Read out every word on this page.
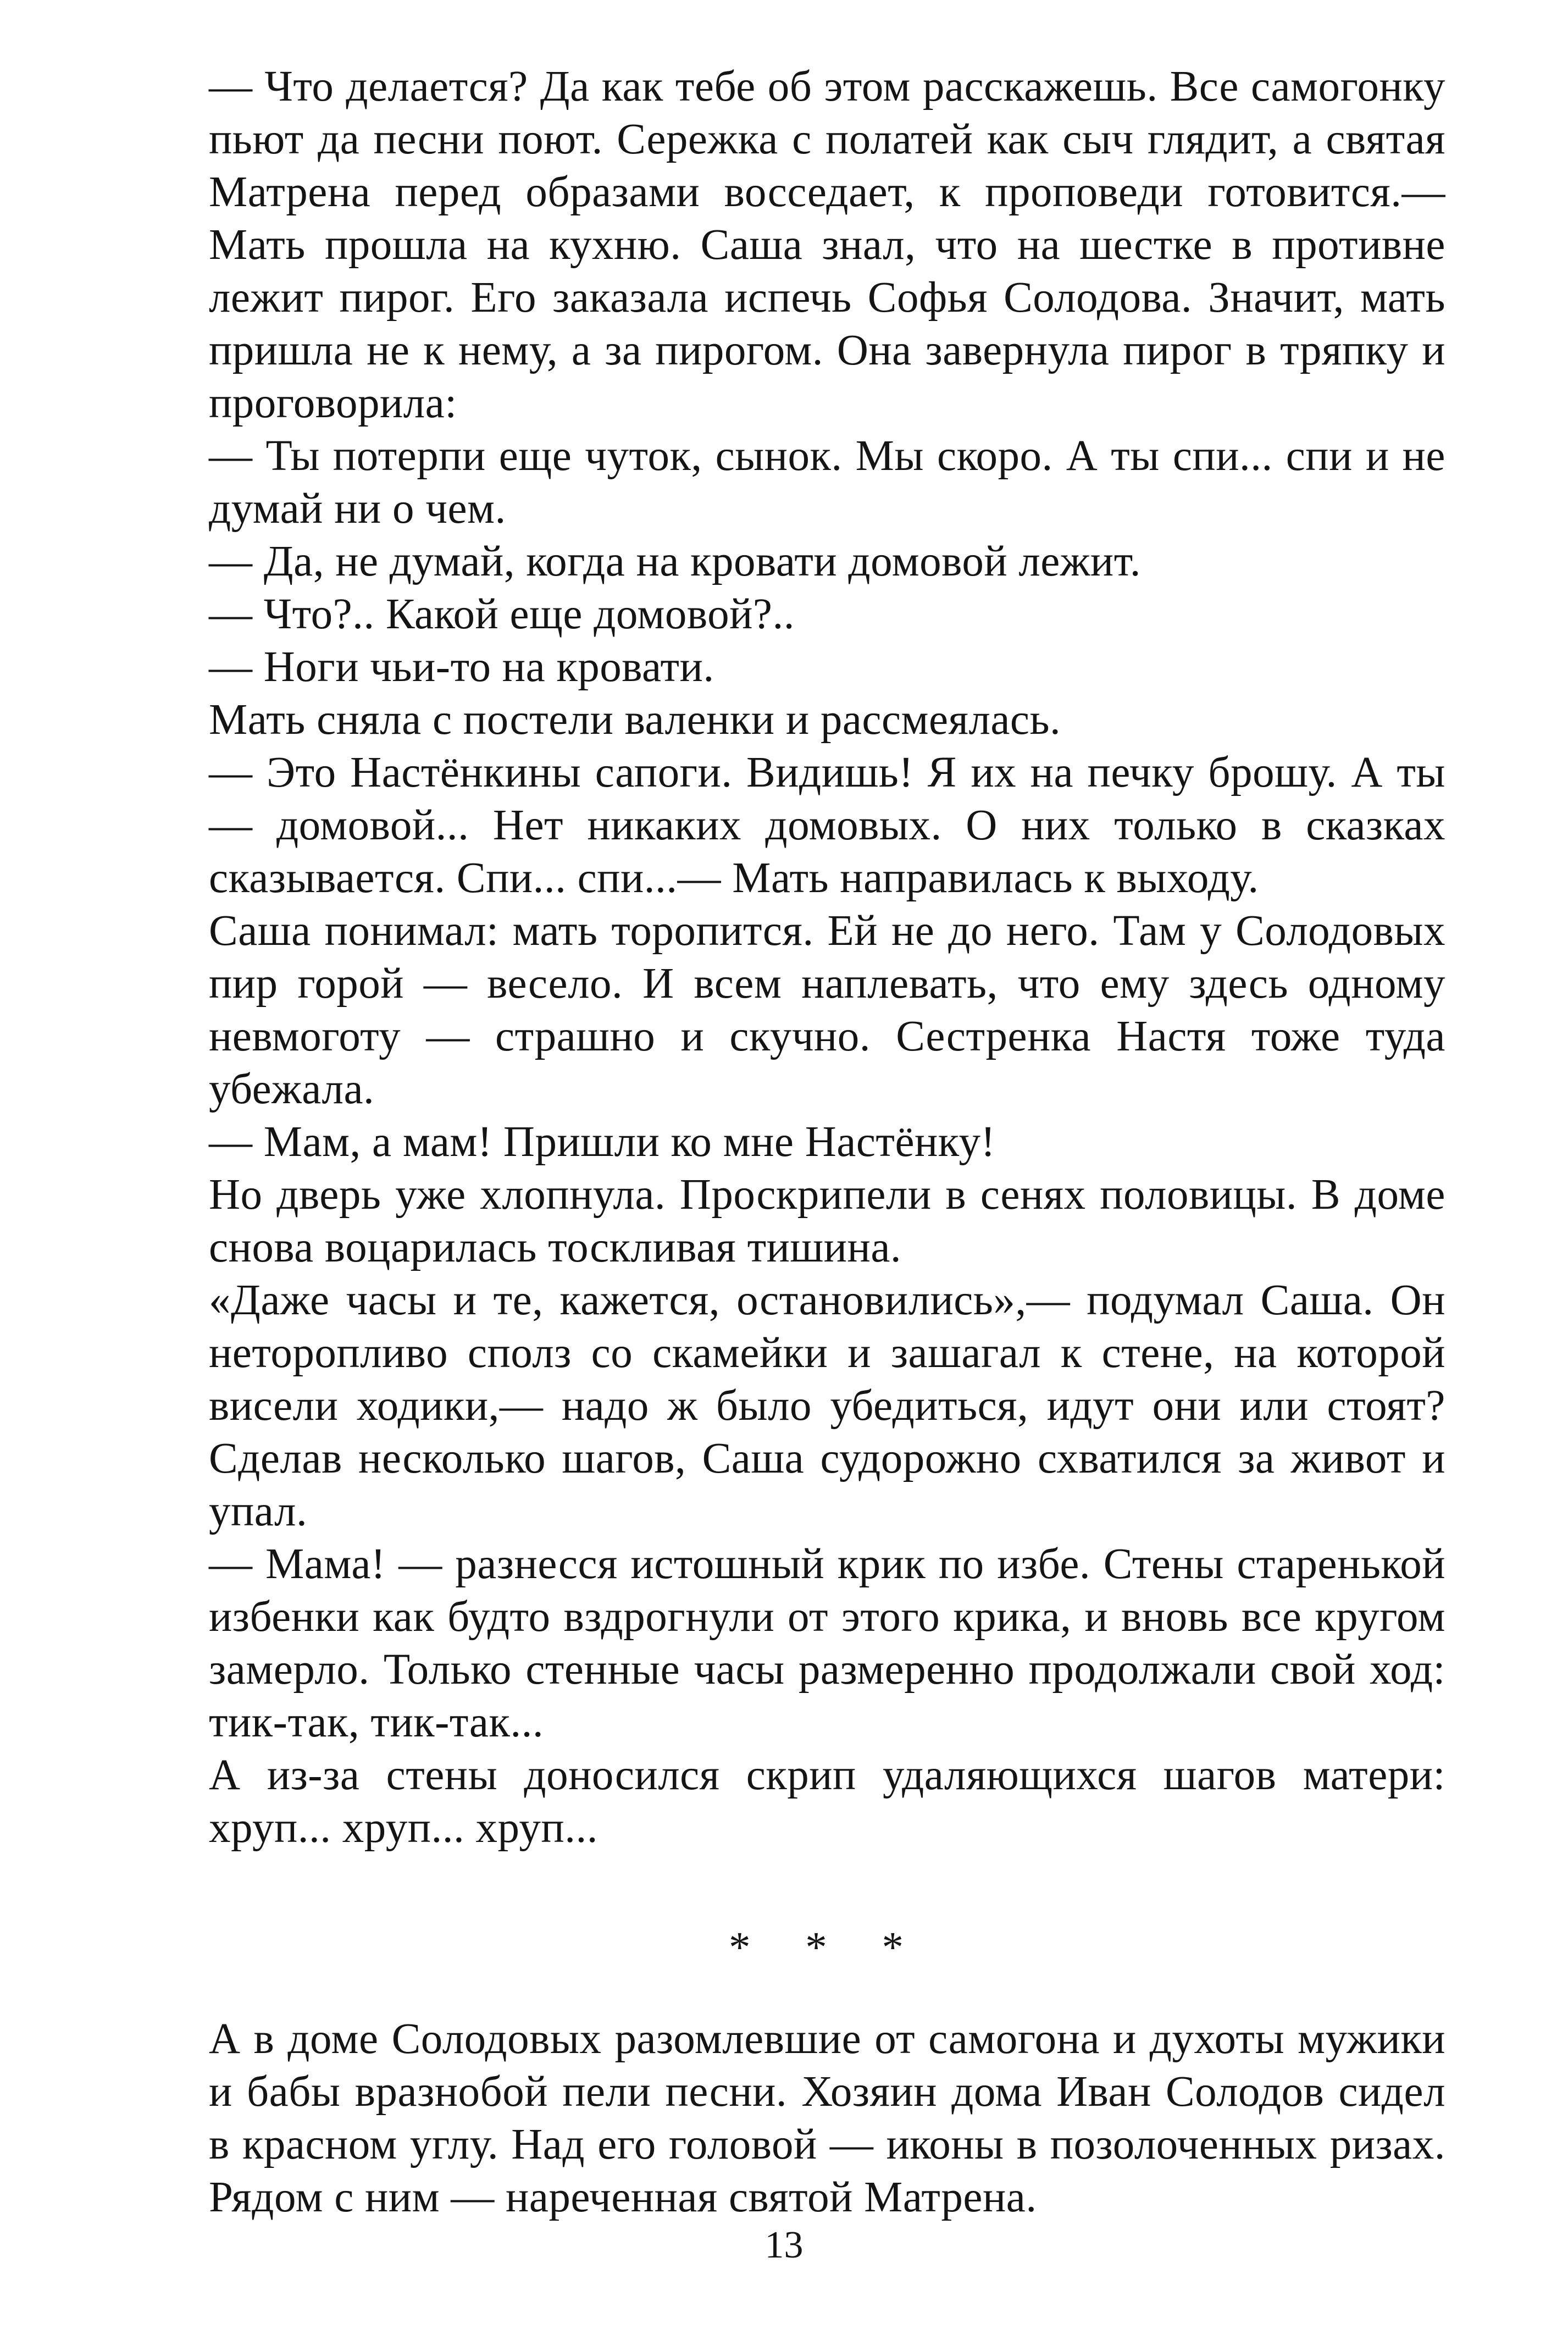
— Что делается? Да как тебе об этом расскажешь. Все самогонку пьют да песни поют. Сережка с полатей как сыч глядит, а святая Матрена перед образами восседает, к проповеди готовится.— Мать прошла на кухню. Саша знал, что на шестке в противне лежит пирог. Его заказала испечь Софья Солодова. Значит, мать пришла не к нему, а за пирогом. Она завернула пирог в тряпку и проговорила:

— Ты потерпи еще чуток, сынок. Мы скоро. А ты спи... спи и не думай ни о чем.

— Да, не думай, когда на кровати домовой лежит.

— Что?.. Какой еще домовой?..

— Ноги чьи-то на кровати.

Мать сняла с постели валенки и рассмеялась.

— Это Настёнкины сапоги. Видишь! Я их на печку брошу. А ты — домовой... Нет никаких домовых. О них только в сказках сказывается. Спи... спи...— Мать направилась к выходу.

Саша понимал: мать торопится. Ей не до него. Там у Солодовых пир горой — весело. И всем наплевать, что ему здесь одному невмоготу — страшно и скучно. Сестренка Настя тоже туда убежала.

— Мам, а мам! Пришли ко мне Настёнку!

Но дверь уже хлопнула. Проскрипели в сенях половицы. В доме снова воцарилась тоскливая тишина.

«Даже часы и те, кажется, остановились»,— подумал Саша. Он неторопливо сполз со скамейки и зашагал к стене, на которой висели ходики,— надо ж было убедиться, идут они или стоят? Сделав несколько шагов, Саша судорожно схватился за живот и упал.

— Мама! — разнесся истошный крик по избе. Стены старенькой избенки как будто вздрогнули от этого крика, и вновь все кругом замерло. Только стенные часы размеренно продолжали свой ход: тик-так, тик-так...

А из-за стены доносился скрип удаляющихся шагов матери: хруп... хруп... хруп...

* * *

А в доме Солодовых разомлевшие от самогона и духоты мужики и бабы вразнобой пели песни. Хозяин дома Иван Солодов сидел в красном углу. Над его головой — иконы в позолоченных ризах. Рядом с ним — нареченная святой Матрена.

13
